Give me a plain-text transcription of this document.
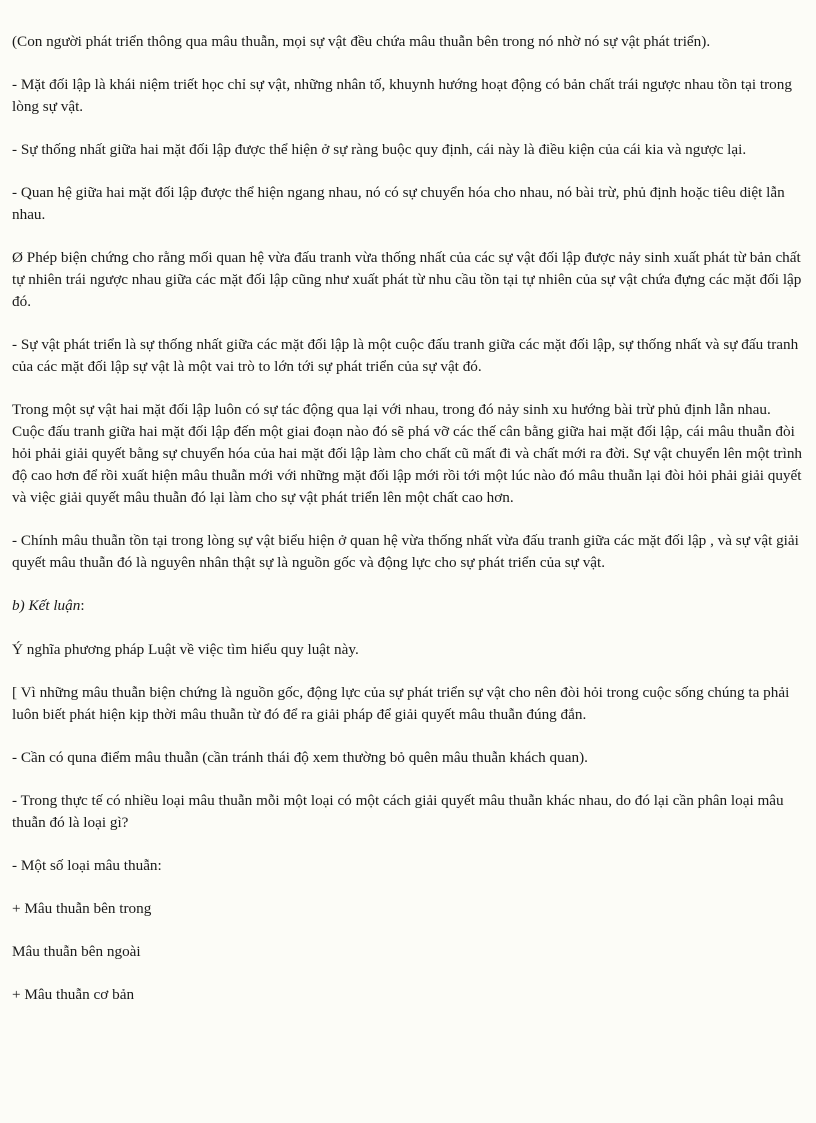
(Con người phát triển thông qua mâu thuẫn, mọi sự vật đều chứa mâu thuẫn bên trong nó nhờ nó sự vật phát triển).

- Mặt đối lập là khái niệm triết học chỉ sự vật, những nhân tố, khuynh hướng hoạt động có bản chất trái ngược nhau tồn tại trong lòng sự vật.

- Sự thống nhất giữa hai mặt đối lập được thể hiện ở sự ràng buộc quy định, cái này là điều kiện của cái kia và ngược lại.

- Quan hệ giữa hai mặt đối lập được thể hiện ngang nhau, nó có sự chuyển hóa cho nhau, nó bài trừ, phủ định hoặc tiêu diệt lẫn nhau.

Ø Phép biện chứng cho rằng mối quan hệ vừa đấu tranh vừa thống nhất của các sự vật đối lập được nảy sinh xuất phát từ bản chất tự nhiên trái ngược nhau giữa các mặt đối lập cũng như xuất phát từ nhu cầu tồn tại tự nhiên của sự vật chứa đựng các mặt đối lập đó.

- Sự vật phát triển là sự thống nhất giữa các mặt đối lập là một cuộc đấu tranh giữa các mặt đối lập, sự thống nhất và sự đấu tranh của các mặt đối lập sự vật là một vai trò to lớn tới sự phát triển của sự vật đó.

Trong một sự vật hai mặt đối lập luôn có sự tác động qua lại với nhau, trong đó nảy sinh xu hướng bài trừ phủ định lẫn nhau. Cuộc đấu tranh giữa hai mặt đối lập đến một giai đoạn nào đó sẽ phá vỡ các thế cân bằng giữa hai mặt đối lập, cái mâu thuẫn đòi hỏi phải giải quyết bằng sự chuyển hóa của hai mặt đối lập làm cho chất cũ mất đi và chất mới ra đời. Sự vật chuyển lên một trình độ cao hơn để rồi xuất hiện mâu thuẫn mới với những mặt đối lập mới rồi tới một lúc nào đó mâu thuẫn lại đòi hỏi phải giải quyết và việc giải quyết mâu thuẫn đó lại làm cho sự vật phát triển lên một chất cao hơn.

- Chính mâu thuẫn tồn tại trong lòng sự vật biểu hiện ở quan hệ vừa thống nhất vừa đấu tranh giữa các mặt đối lập , và sự vật giải quyết mâu thuẫn đó là nguyên nhân thật sự là nguồn gốc và động lực cho sự phát triển của sự vật.

b) Kết luận:

Ý nghĩa phương pháp Luật về việc tìm hiểu quy luật này.

[ Vì những mâu thuẫn biện chứng là nguồn gốc, động lực của sự phát triển sự vật cho nên đòi hỏi trong cuộc sống chúng ta phải luôn biết phát hiện kịp thời mâu thuẫn từ đó để ra giải pháp để giải quyết mâu thuẫn đúng đắn.

- Cần có quna điểm mâu thuẫn (cần tránh thái độ xem thường bỏ quên mâu thuẫn khách quan).

- Trong thực tế có nhiều loại mâu thuẫn mỗi một loại có một cách giải quyết mâu thuẫn khác nhau, do đó lại cần phân loại mâu thuẫn đó là loại gì?

- Một số loại mâu thuẫn:

+ Mâu thuẫn bên trong

Mâu thuẫn bên ngoài

+ Mâu thuẫn cơ bản
